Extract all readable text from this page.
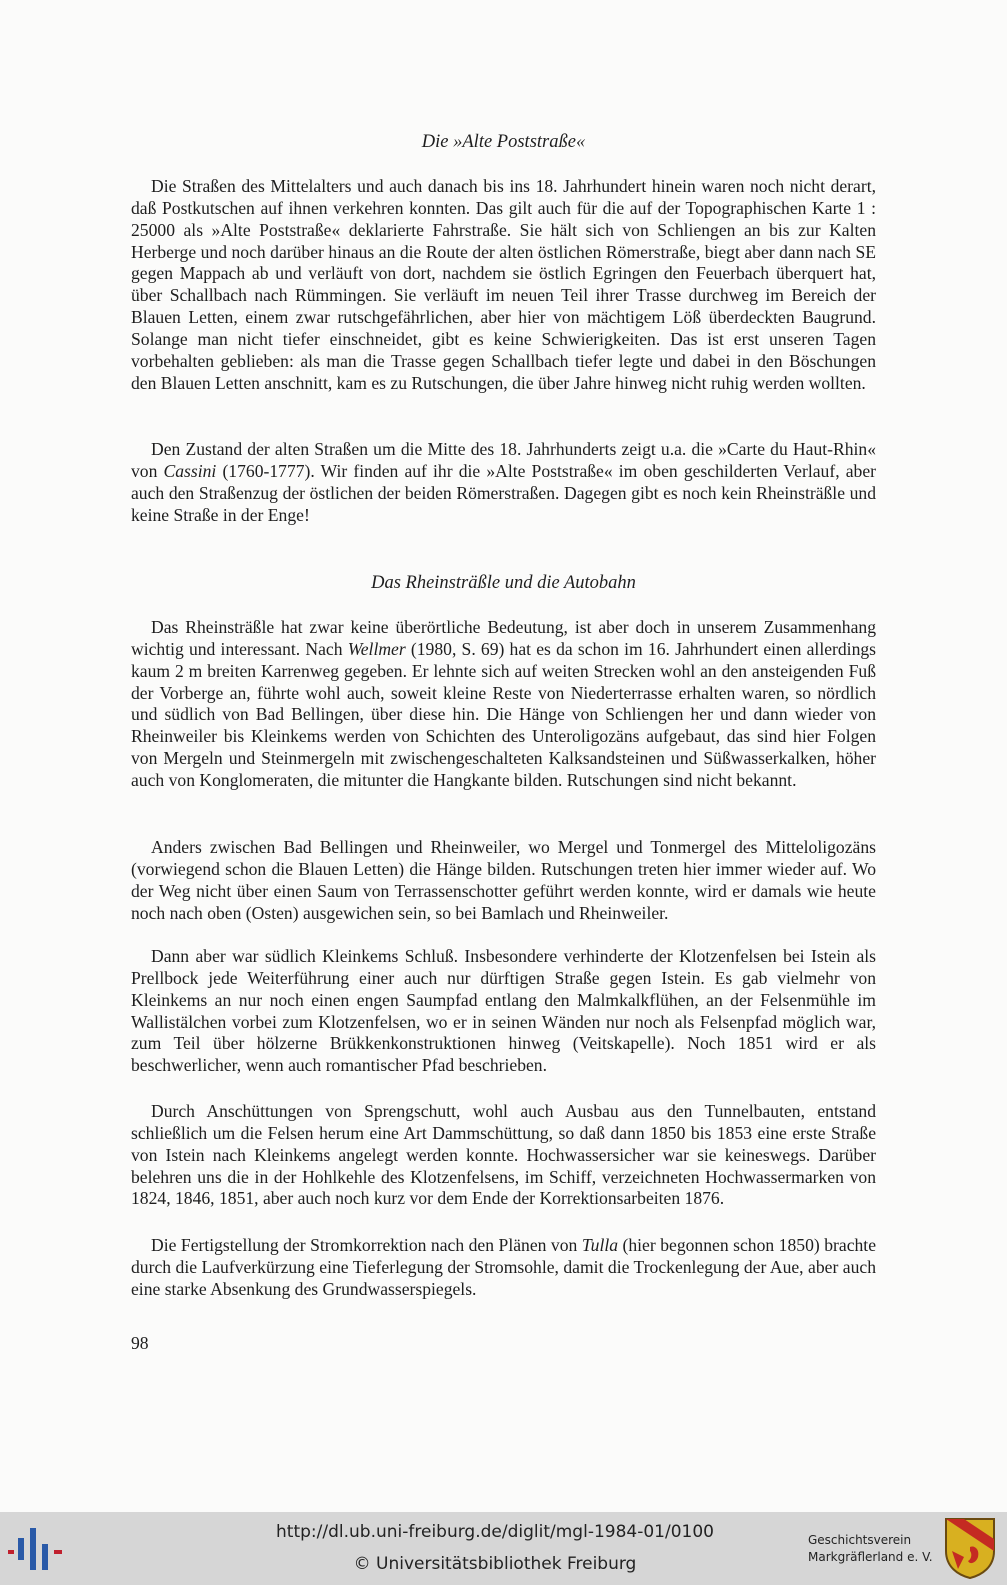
Die »Alte Poststraße«

Die Straßen des Mittelalters und auch danach bis ins 18. Jahrhundert hinein waren noch nicht derart, daß Postkutschen auf ihnen verkehren konnten. Das gilt auch für die auf der Topographischen Karte 1 : 25000 als »Alte Poststraße« deklarierte Fahrstraße. Sie hält sich von Schliengen an bis zur Kalten Herberge und noch darüber hinaus an die Route der alten östlichen Römerstraße, biegt aber dann nach SE gegen Mappach ab und verläuft von dort, nachdem sie östlich Egringen den Feuerbach überquert hat, über Schallbach nach Rümmingen. Sie verläuft im neuen Teil ihrer Trasse durchweg im Bereich der Blauen Letten, einem zwar rutschgefährlichen, aber hier von mächtigem Löß überdeckten Baugrund. Solange man nicht tiefer einschneidet, gibt es keine Schwierigkeiten. Das ist erst unseren Tagen vorbehalten geblieben: als man die Trasse gegen Schallbach tiefer legte und dabei in den Böschungen den Blauen Letten anschnitt, kam es zu Rutschungen, die über Jahre hinweg nicht ruhig werden wollten.

Den Zustand der alten Straßen um die Mitte des 18. Jahrhunderts zeigt u.a. die »Carte du Haut-Rhin« von Cassini (1760-1777). Wir finden auf ihr die »Alte Poststraße« im oben geschilderten Verlauf, aber auch den Straßenzug der östlichen der beiden Römerstraßen. Dagegen gibt es noch kein Rheinsträßle und keine Straße in der Enge!

Das Rheinsträßle und die Autobahn

Das Rheinsträßle hat zwar keine überörtliche Bedeutung, ist aber doch in unserem Zusammenhang wichtig und interessant. Nach Wellmer (1980, S. 69) hat es da schon im 16. Jahrhundert einen allerdings kaum 2 m breiten Karrenweg gegeben. Er lehnte sich auf weiten Strecken wohl an den ansteigenden Fuß der Vorberge an, führte wohl auch, soweit kleine Reste von Niederterrasse erhalten waren, so nördlich und südlich von Bad Bellingen, über diese hin. Die Hänge von Schliengen her und dann wieder von Rheinweiler bis Kleinkems werden von Schichten des Unteroligozäns aufgebaut, das sind hier Folgen von Mergeln und Steinmergeln mit zwischengeschalteten Kalksandsteinen und Süßwasserkalken, höher auch von Konglomeraten, die mitunter die Hangkante bilden. Rutschungen sind nicht bekannt.

Anders zwischen Bad Bellingen und Rheinweiler, wo Mergel und Tonmergel des Mitteloligozäns (vorwiegend schon die Blauen Letten) die Hänge bilden. Rutschungen treten hier immer wieder auf. Wo der Weg nicht über einen Saum von Terrassenschotter geführt werden konnte, wird er damals wie heute noch nach oben (Osten) ausgewichen sein, so bei Bamlach und Rheinweiler.

Dann aber war südlich Kleinkems Schluß. Insbesondere verhinderte der Klotzenfelsen bei Istein als Prellbock jede Weiterführung einer auch nur dürftigen Straße gegen Istein. Es gab vielmehr von Kleinkems an nur noch einen engen Saumpfad entlang den Malmkalkflühen, an der Felsenmühle im Wallistälchen vorbei zum Klotzenfelsen, wo er in seinen Wänden nur noch als Felsenpfad möglich war, zum Teil über hölzerne Brükkenkonstruktionen hinweg (Veitskapelle). Noch 1851 wird er als beschwerlicher, wenn auch romantischer Pfad beschrieben.

Durch Anschüttungen von Sprengschutt, wohl auch Ausbau aus den Tunnelbauten, entstand schließlich um die Felsen herum eine Art Dammschüttung, so daß dann 1850 bis 1853 eine erste Straße von Istein nach Kleinkems angelegt werden konnte. Hochwassersicher war sie keineswegs. Darüber belehren uns die in der Hohlkehle des Klotzenfelsens, im Schiff, verzeichneten Hochwassermarken von 1824, 1846, 1851, aber auch noch kurz vor dem Ende der Korrektionsarbeiten 1876.

Die Fertigstellung der Stromkorrektion nach den Plänen von Tulla (hier begonnen schon 1850) brachte durch die Laufverkürzung eine Tieferlegung der Stromsohle, damit die Trockenlegung der Aue, aber auch eine starke Absenkung des Grundwasserspiegels.

98

http://dl.ub.uni-freiburg.de/diglit/mgl-1984-01/0100
© Universitätsbibliothek Freiburg
Geschichtsverein
Markgräflerland e. V.
